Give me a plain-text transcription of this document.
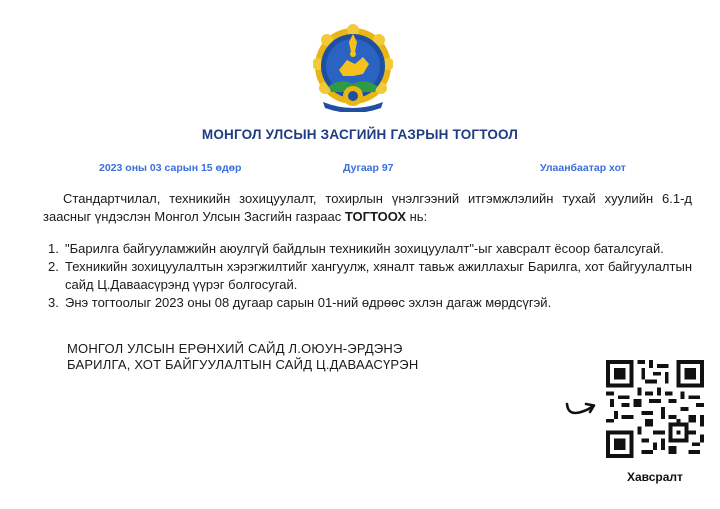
МОНГОЛ УЛСЫН ЗАСГИЙН ГАЗРЫН ТОГТООЛ
2023 оны 03 сарын 15 өдөр	Дугаар 97	Улаанбаатар хот

Стандартчилал, техникийн зохицуулалт, тохирлын үнэлгээний итгэмжлэлийн тухай хуулийн 6.1-д заасныг үндэслэн Монгол Улсын Засгийн газраас ТОГТООХ нь:

1. "Барилга байгууламжийн аюулгүй байдлын техникийн зохицуулалт"-ыг хавсралт ёсоор баталсугай.
2. Техникийн зохицуулалтын хэрэгжилтийг хангуулж, хяналт тавьж ажиллахыг Барилга, хот байгуулалтын сайд Ц.Даваасүрэнд үүрэг болгосугай.
3. Энэ тогтоолыг 2023 оны 08 дугаар сарын 01-ний өдрөөс эхлэн дагаж мөрдсүгэй.
МОНГОЛ УЛСЫН ЕРӨНХИЙ САЙД Л.ОЮУН-ЭРДЭНЭ
БАРИЛГА, ХОТ БАЙГУУЛАЛТЫН САЙД Ц.ДАВААСҮРЭН
Хавсралт
